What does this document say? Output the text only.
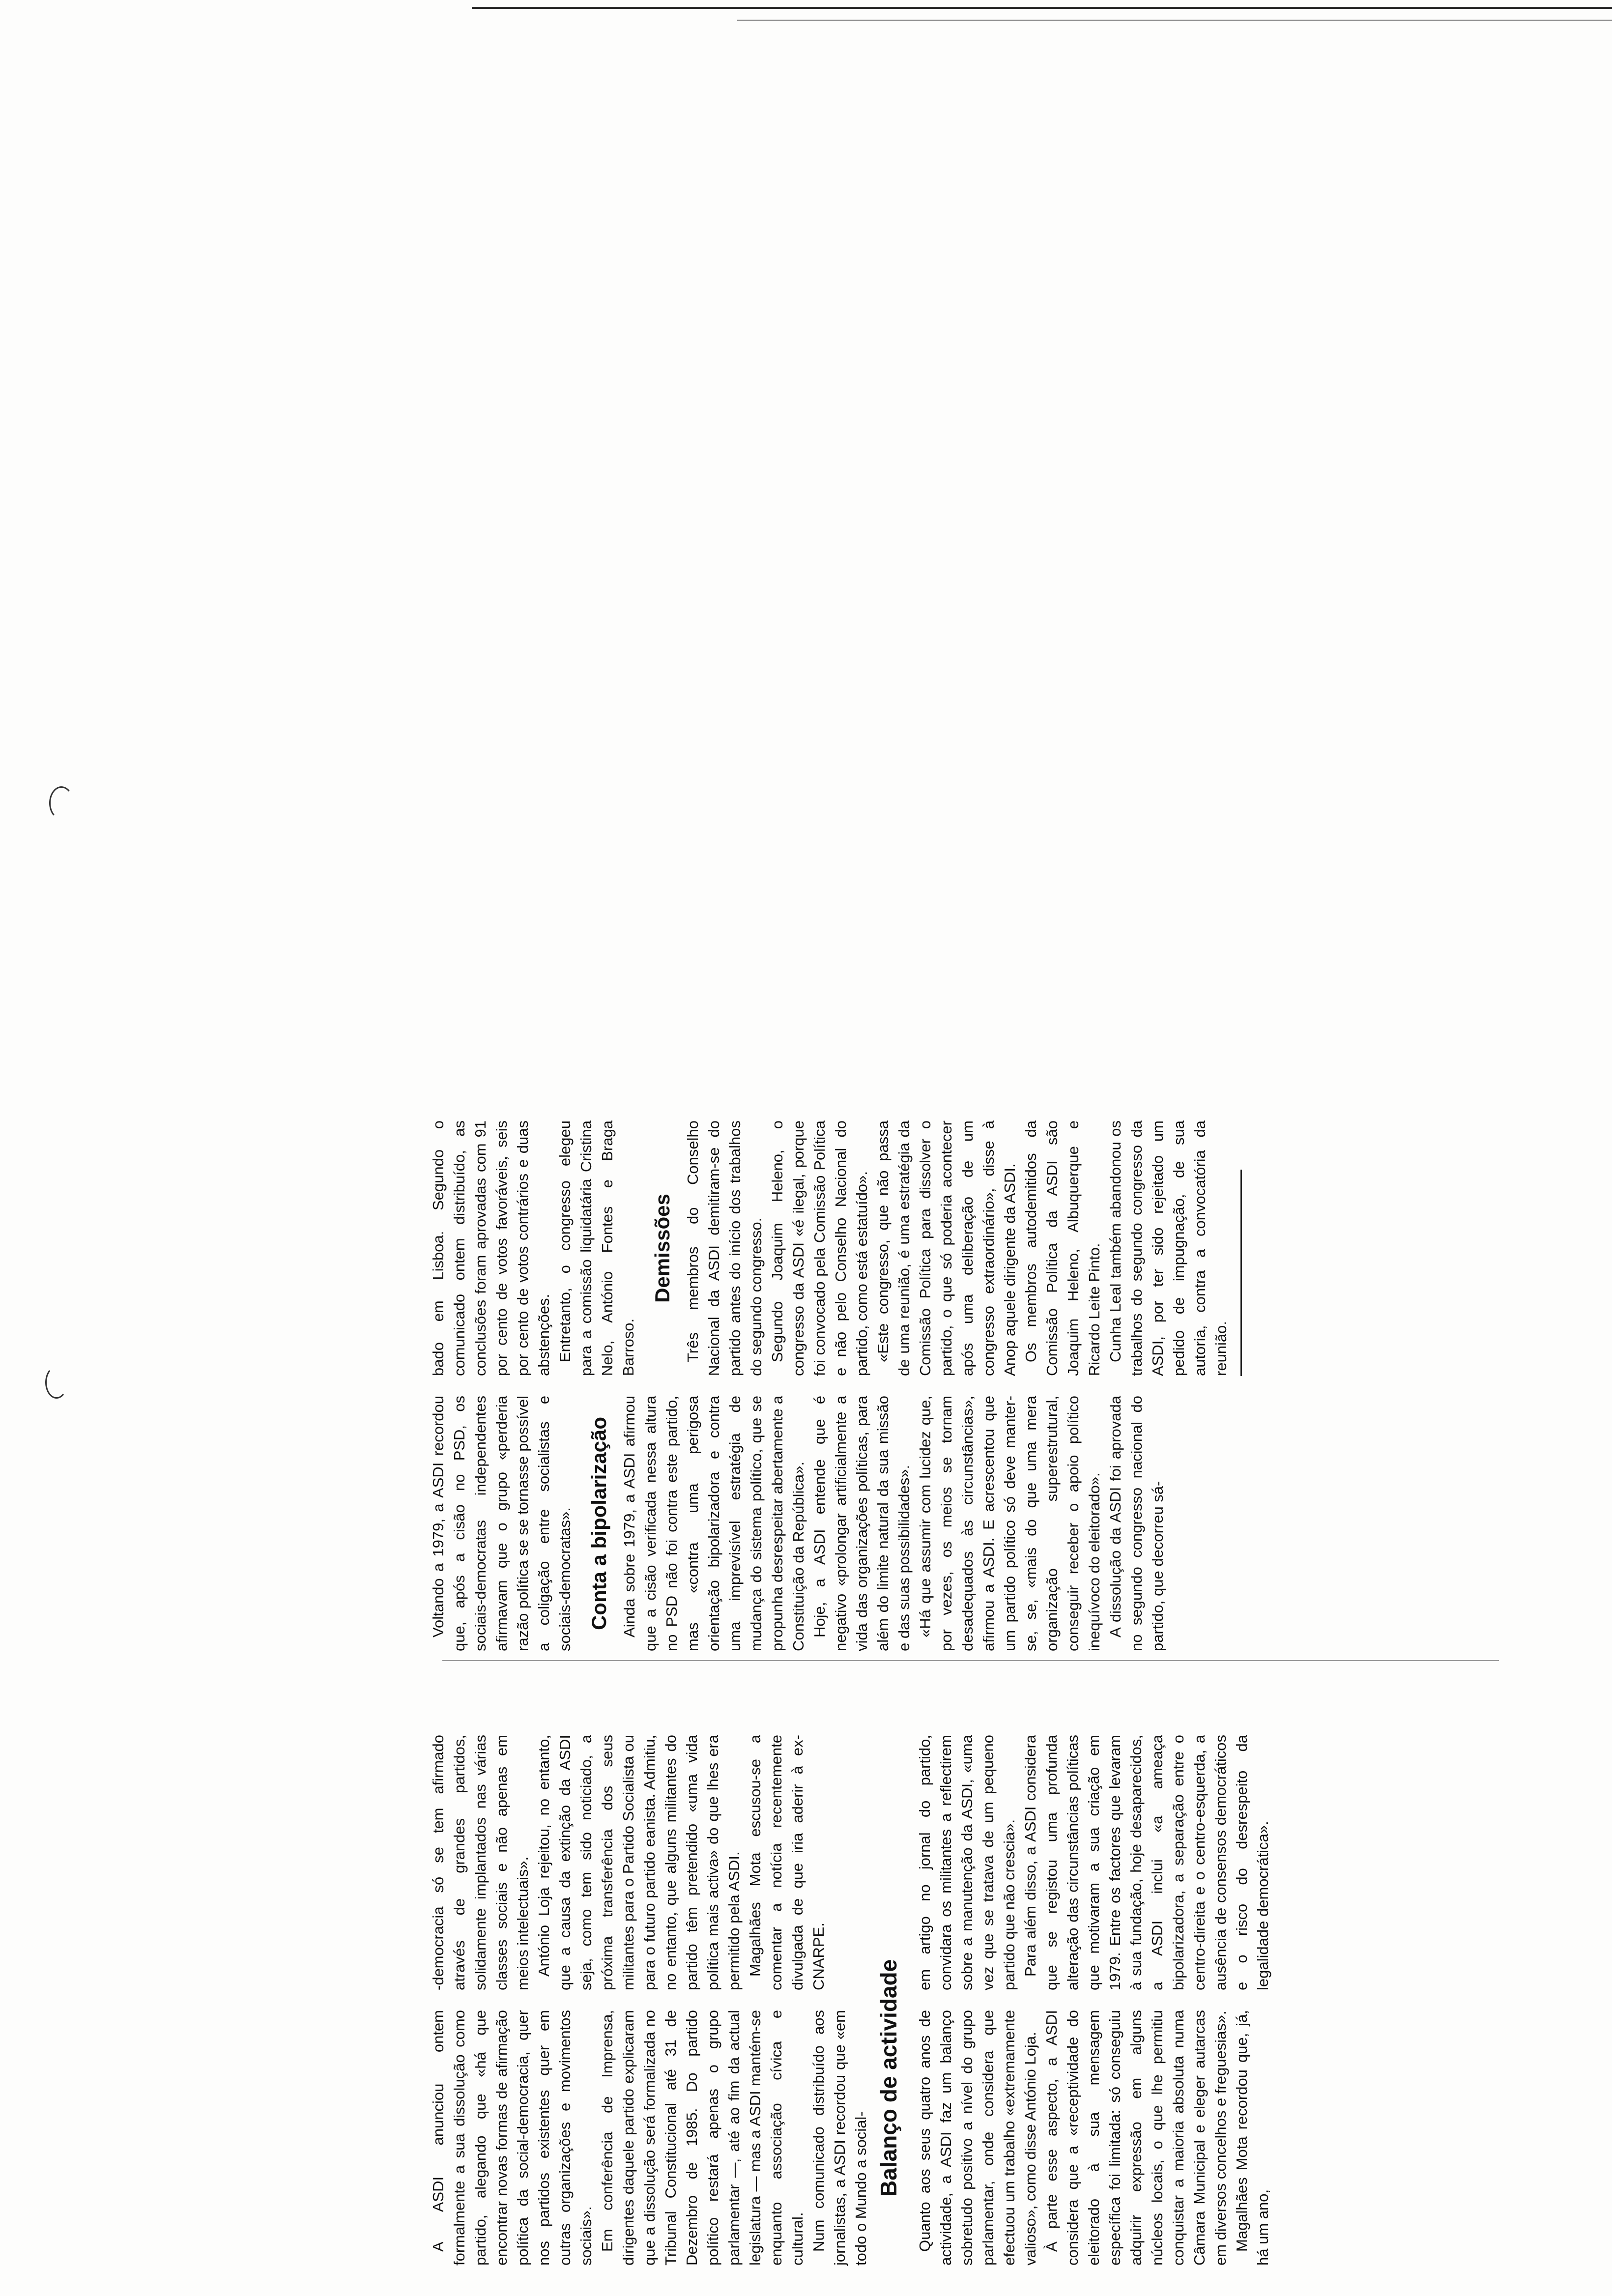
A ASDI anunciou ontem formalmente a sua dissolução como partido, alegando que «há que encontrar novas formas de afirmação política da social-democracia, quer nos partidos existentes quer em outras organizações e movimentos sociais». Em conferência de Imprensa, dirigentes daquele partido explicaram que a dissolução será formalizada no Tribunal Constitucional até 31 de Dezembro de 1985. Do partido político restará apenas o grupo parlamentar —, até ao fim da actual legislatura — mas a ASDI mantém-se enquanto associação cívica e cultural. Num comunicado distribuído aos jornalistas, a ASDI recordou que «em todo o Mundo a social-

-democracia só se tem afirmado através de grandes partidos, solidamente implantados nas várias classes sociais e não apenas em meios intelectuais». António Loja rejeitou, no entanto, que a causa da extinção da ASDI seja, como tem sido noticiado, a próxima transferência dos seus militantes para o Partido Socialista ou para o futuro partido eanista. Admitiu, no entanto, que alguns militantes do partido têm pretendido «uma vida política mais activa» do que lhes era permitido pela ASDI. Magalhães Mota escusou-se a comentar a notícia recentemente divulgada de que iria aderir à ex-CNARPE.

Balanço de actividade Quanto aos seus quatro anos de actividade, a ASDI faz um balanço sobretudo positivo a nível do grupo parlamentar, onde considera que efectuou um trabalho «extremamente valioso», como disse António Loja. À parte esse aspecto, a ASDI considera que a «receptividade do eleitorado à sua mensagem específica foi limitada: só conseguiu adquirir expressão em alguns núcleos locais, o que lhe permitiu conquistar a maioria absoluta numa Câmara Municipal e eleger autarcas em diversos concelhos e freguesias». Magalhães Mota recordou que, já, há um ano,

em artigo no jornal do partido, convidara os militantes a reflectirem sobre a manutenção da ASDI, «uma vez que se tratava de um pequeno partido que não crescia». Para além disso, a ASDI considera que se registou uma profunda alteração das circunstâncias políticas que motivaram a sua criação em 1979. Entre os factores que levaram à sua fundação, hoje desaparecidos, a ASDI inclui «a ameaça bipolarizadora, a separação entre o centro-direita e o centro-esquerda, a ausência de consensos democráticos e o risco do desrespeito da legalidade democrática».

Voltando a 1979, a ASDI recordou que, após a cisão no PSD, os sociais-democratas independentes afirmavam que o grupo «perderia razão política se se tornasse possível a coligação entre socialistas e sociais-democratas». Conta a bipolarização Ainda sobre 1979, a ASDI afirmou que a cisão verificada nessa altura no PSD não foi contra este partido, mas «contra uma perigosa orientação bipolarizadora e contra uma imprevisível estratégia de mudança do sistema político, que se propunha desrespeitar abertamente a Constituição da República». Hoje, a ASDI entende que é negativo «prolongar artificialmente a vida das organizações políticas, para além do limite natural da sua missão e das suas possibilidades». «Há que assumir com lucidez que, por vezes, os meios se tornam desadequados às circunstâncias», afirmou a ASDI. E acrescentou que um partido político só deve manter-se, se, «mais do que uma mera organização superestrutural, conseguir receber o apoio político inequívoco do eleitorado». A dissolução da ASDI foi aprovada no segundo congresso nacional do partido, que decorreu sá-

bado em Lisboa. Segundo o comunicado ontem distribuído, as conclusões foram aprovadas com 91 por cento de votos favoráveis, seis por cento de votos contrários e duas abstenções. Entretanto, o congresso elegeu para a comissão liquidatária Cristina Nelo, António Fontes e Braga Barroso.

Demissões Três membros do Conselho Nacional da ASDI demitiram-se do partido antes do início dos trabalhos do segundo congresso. Segundo Joaquim Heleno, o congresso da ASDI «é ilegal, porque foi convocado pela Comissão Política e não pelo Conselho Nacional do partido, como está estatuído». «Este congresso, que não passa de uma reunião, é uma estratégia da Comissão Política para dissolver o partido, o que só poderia acontecer após uma deliberação de um congresso extraordinário», disse à Anop aquele dirigente da ASDI. Os membros autodemitidos da Comissão Política da ASDI são Joaquim Heleno, Albuquerque e Ricardo Leite Pinto. Cunha Leal também abandonou os trabalhos do segundo congresso da ASDI, por ter sido rejeitado um pedido de impugnação, de sua autoria, contra a convocatória da reunião.
